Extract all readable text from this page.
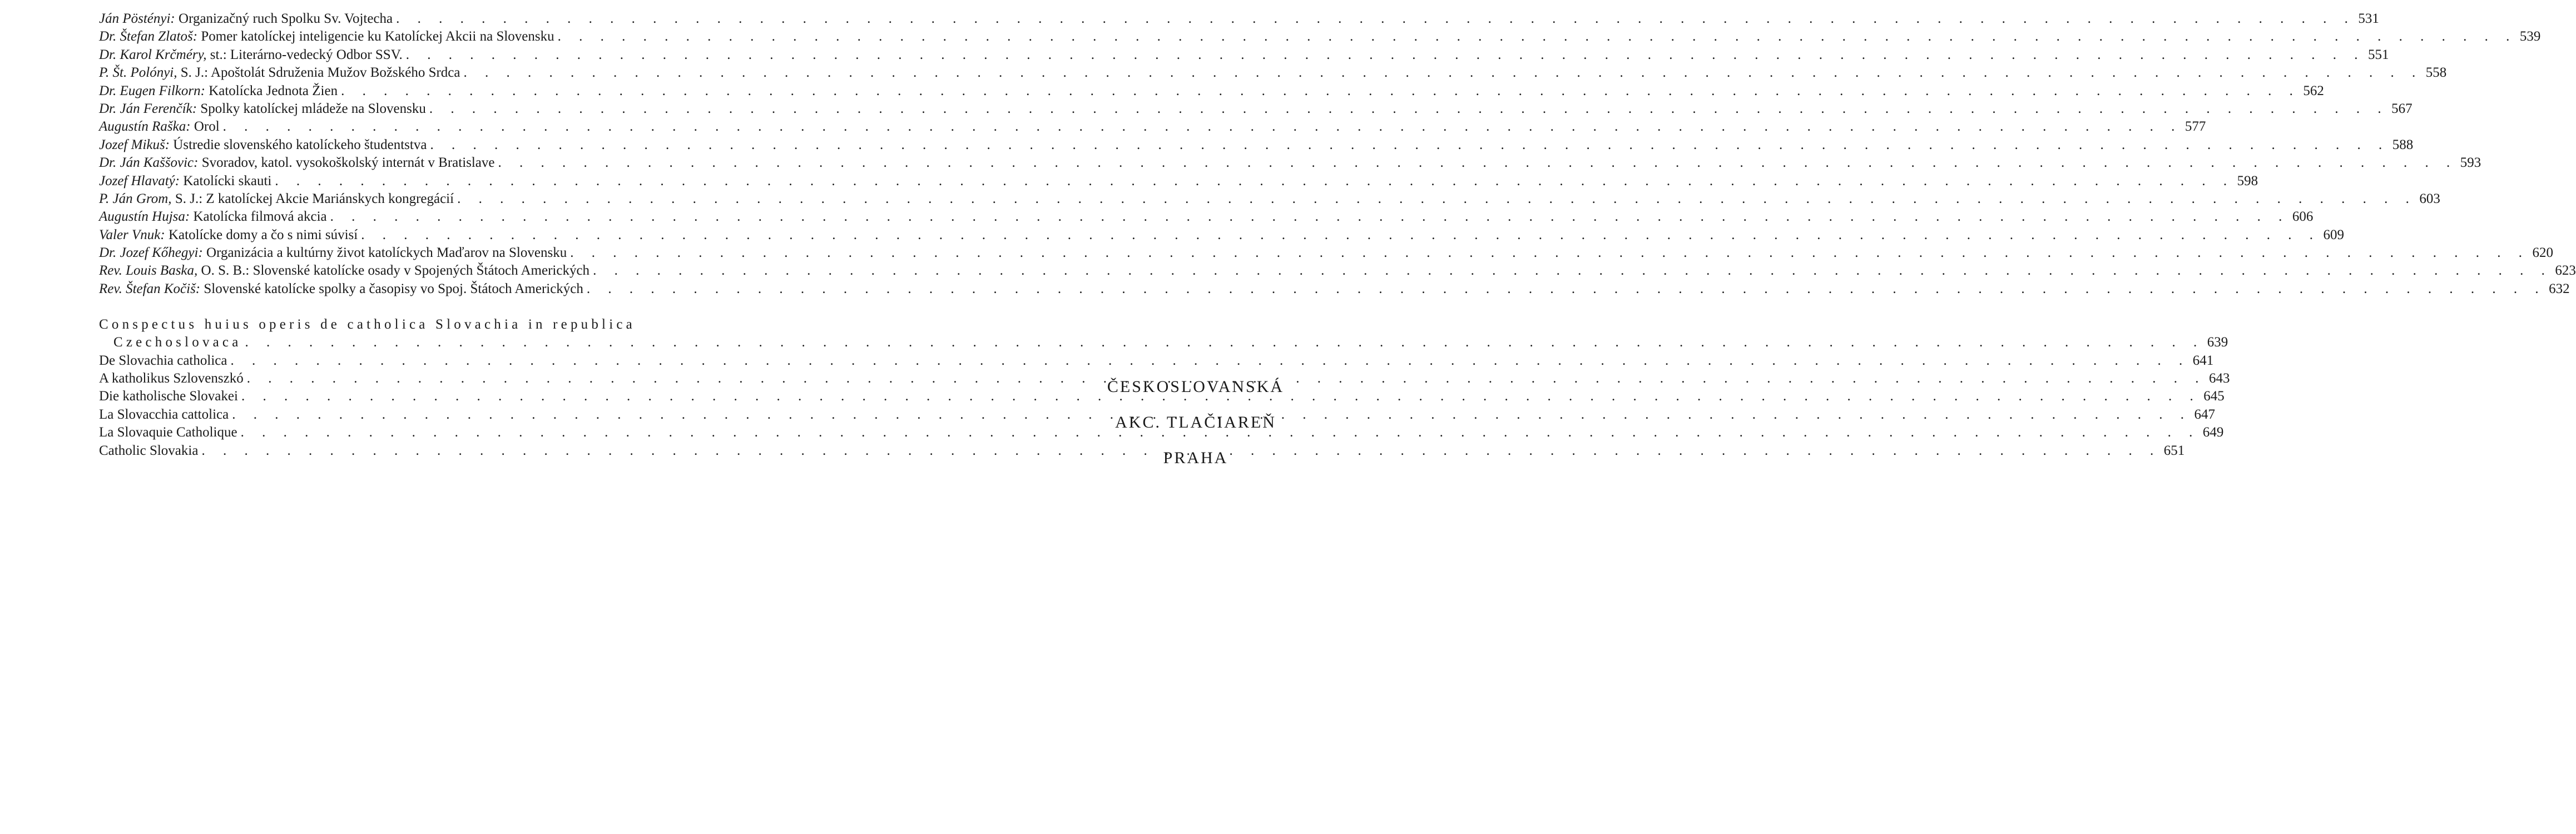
Ján Pöstényi: Organizačný ruch Spolku Sv. Vojtecha . . .	531
Dr. Štefan Zlatoš: Pomer katolíckej inteligencie ku Katolíckej Akcii na Slovensku . . .	539
Dr. Karol Krčméry, st.: Literárno-vedecký Odbor SSV. . . .	551
P. Št. Polónyi, S. J.: Apoštolát Sdruženia Mužov Božského Srdca . . .	558
Dr. Eugen Filkorn: Katolícka Jednota Žien . . .	562
Dr. Ján Ferenčík: Spolky katolíckej mládeže na Slovensku . . .	567
Augustín Raška: Orol . . .	577
Jozef Mikuš: Ústredie slovenského katolíckeho študentstva . . .	588
Dr. Ján Kaššovic: Svoradov, katol. vysokoškolský internát v Bratislave . . .	593
Jozef Hlavatý: Katolícki skauti . . .	598
P. Ján Grom, S. J.: Z katolíckej Akcie Mariánskych kongregácií . . .	603
Augustín Hujsa: Katolícka filmová akcia . . .	606
Valer Vnuk: Katolícke domy a čo s nimi súvisí . . .	609
Dr. Jozef Kőhegyi: Organizácia a kultúrny život katolíckych Maďarov na Slovensku . . .	620
Rev. Louis Baska, O. S. B.: Slovenské katolícke osady v Spojených Štátoch Amerických . . .	623
Rev. Štefan Kočiš: Slovenské katolícke spolky a časopisy vo Spoj. Štátoch Amerických . . .	632
Conspectus huius operis de catholica Slovachia in republica
Czechoslovaca . . .	639
De Slovachia catholica . . .	641
A katholikus Szlovenszkó . . .	643
Die katholische Slovakei . . .	645
La Slovacchia cattolica . . .	647
La Slovaquie Catholique . . .	649
Catholic Slovakia . . .	651
ČESKOSLOVANSKÁ
AKC. TLAČIAREŇ
PRAHA
